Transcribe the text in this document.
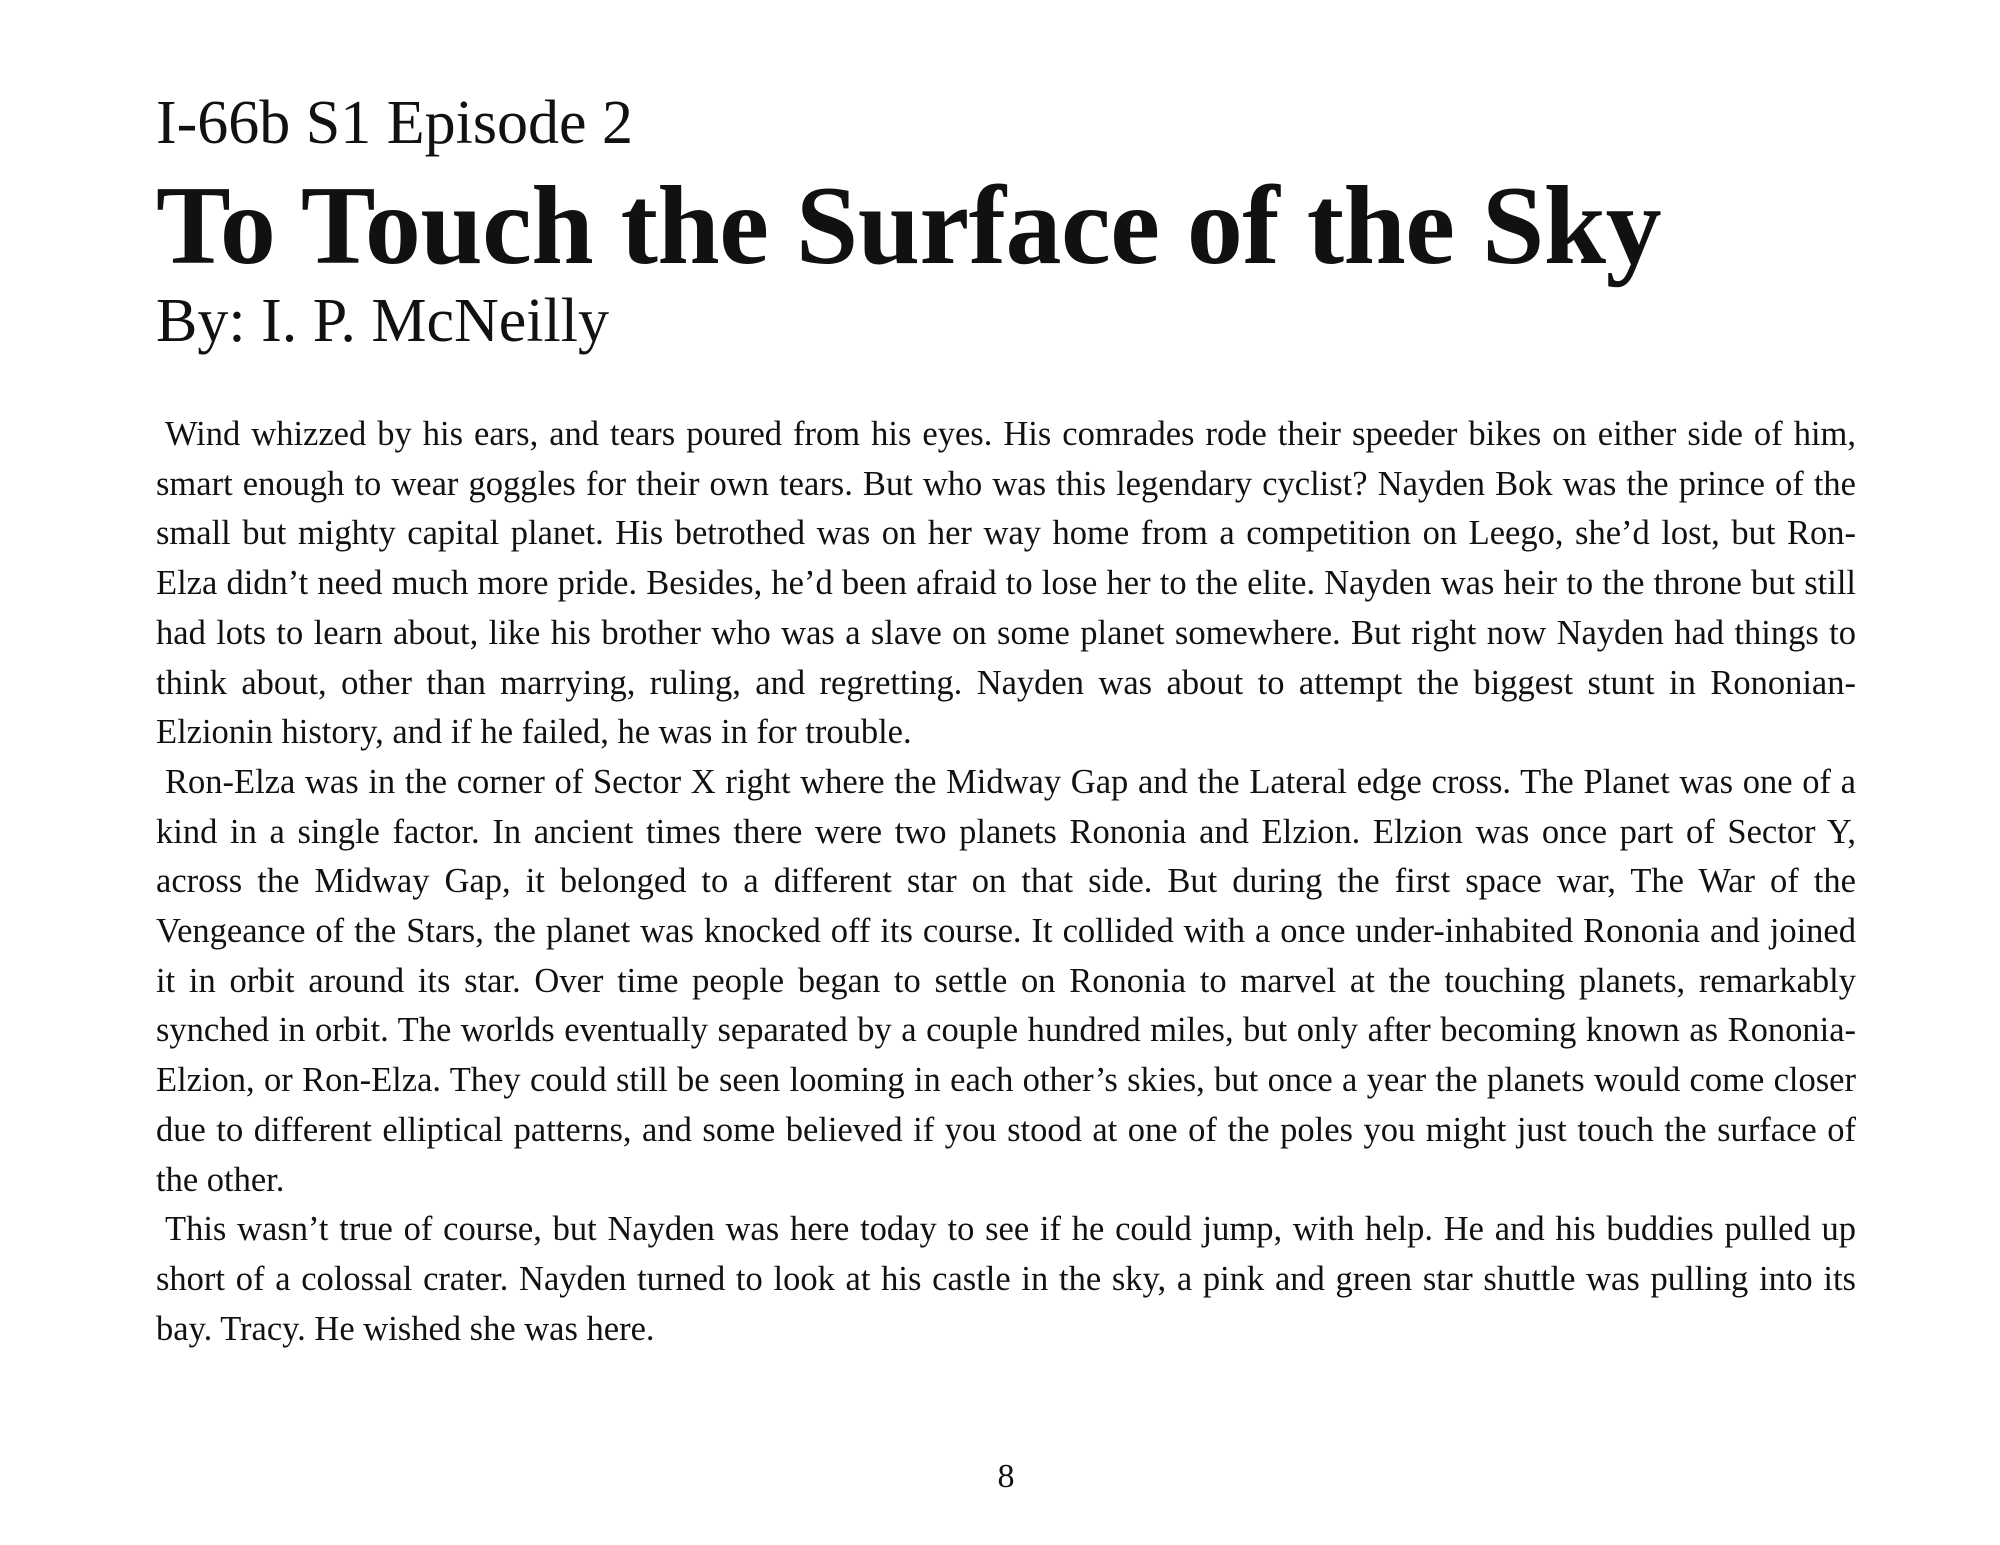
I-66b S1 Episode 2
To Touch the Surface of the Sky
By: I. P. McNeilly

Wind whizzed by his ears, and tears poured from his eyes. His comrades rode their speeder bikes on either side of him, smart enough to wear goggles for their own tears. But who was this legendary cyclist? Nayden Bok was the prince of the small but mighty capital planet. His betrothed was on her way home from a competition on Leego, she’d lost, but Ron-Elza didn’t need much more pride. Besides, he’d been afraid to lose her to the elite. Nayden was heir to the throne but still had lots to learn about, like his brother who was a slave on some planet somewhere. But right now Nayden had things to think about, other than marrying, ruling, and regretting. Nayden was about to attempt the biggest stunt in Rononian-Elzionin history, and if he failed, he was in for trouble.

Ron-Elza was in the corner of Sector X right where the Midway Gap and the Lateral edge cross. The Planet was one of a kind in a single factor. In ancient times there were two planets Rononia and Elzion. Elzion was once part of Sector Y, across the Midway Gap, it belonged to a different star on that side. But during the first space war, The War of the Vengeance of the Stars, the planet was knocked off its course. It collided with a once under-inhabited Rononia and joined it in orbit around its star. Over time people began to settle on Rononia to marvel at the touching planets, remarkably synched in orbit. The worlds eventually separated by a couple hundred miles, but only after becoming known as Rononia-Elzion, or Ron-Elza. They could still be seen looming in each other’s skies, but once a year the planets would come closer due to different elliptical patterns, and some believed if you stood at one of the poles you might just touch the surface of the other.

This wasn’t true of course, but Nayden was here today to see if he could jump, with help. He and his buddies pulled up short of a colossal crater. Nayden turned to look at his castle in the sky, a pink and green star shuttle was pulling into its bay. Tracy. He wished she was here.

8
